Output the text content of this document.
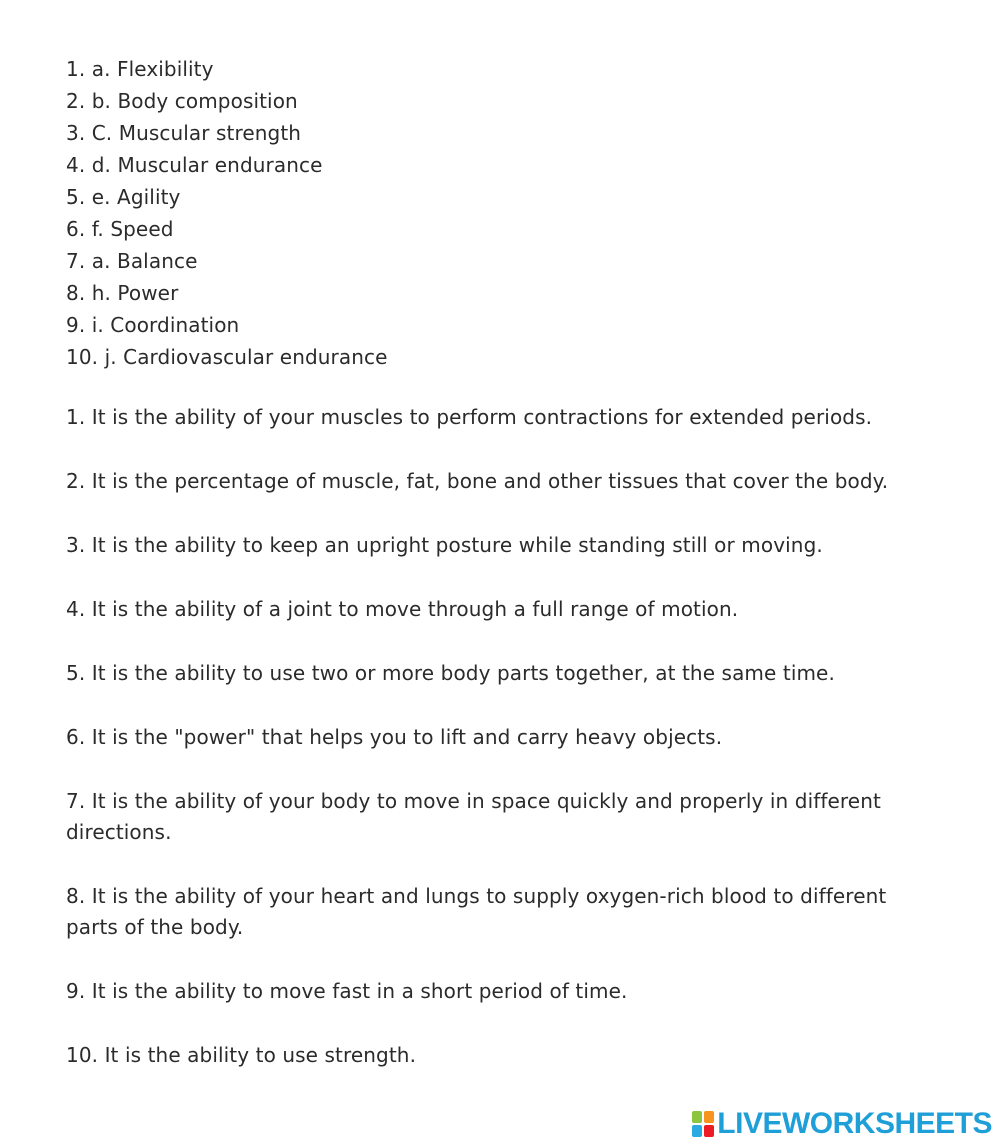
1. a. Flexibility
2. b. Body composition
3. C. Muscular strength
4. d. Muscular endurance
5. e. Agility
6. f. Speed
7. a. Balance
8. h. Power
9. i. Coordination
10. j. Cardiovascular endurance

1. It is the ability of your muscles to perform contractions for extended periods.

2. It is the percentage of muscle, fat, bone and other tissues that cover the body.

3. It is the ability to keep an upright posture while standing still or moving.

4. It is the ability of a joint to move through a full range of motion.

5. It is the ability to use two or more body parts together, at the same time.

6. It is the "power" that helps you to lift and carry heavy objects.

7. It is the ability of your body to move in space quickly and properly in different
directions.

8. It is the ability of your heart and lungs to supply oxygen-rich blood to different
parts of the body.

9. It is the ability to move fast in a short period of time.

10. It is the ability to use strength.

LIVEWORKSHEETS
